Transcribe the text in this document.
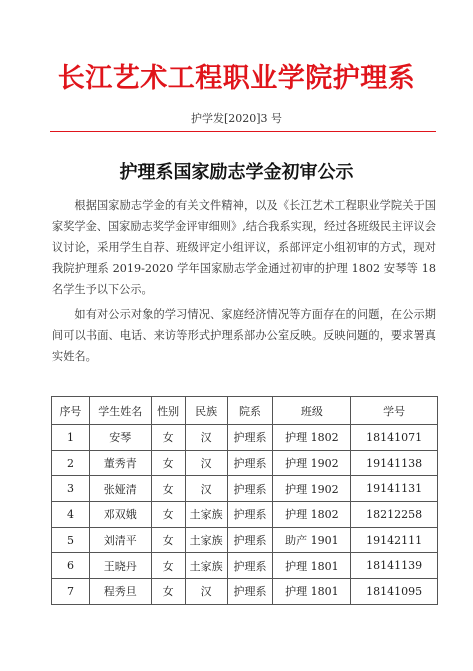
长江艺术工程职业学院护理系
护学发[2020]3 号
护理系国家励志学金初审公示

根据国家励志学金的有关文件精神，以及《长江艺术工程职业学院关于国家奖学金、国家励志奖学金评审细则》,结合我系实现，经过各班级民主评议会议讨论，采用学生自荐、班级评定小组评议，系部评定小组初审的方式，现对我院护理系 2019-2020 学年国家励志学金通过初审的护理 1802 安琴等 18 名学生予以下公示。

如有对公示对象的学习情况、家庭经济情况等方面存在的问题，在公示期间可以书面、电话、来访等形式护理系部办公室反映。反映问题的，要求署真实姓名。

序号	学生姓名	性别	民族	院系	班级	学号
1	安琴	女	汉	护理系	护理 1802	18141071
2	董秀青	女	汉	护理系	护理 1902	19141138
3	张娅清	女	汉	护理系	护理 1902	19141131
4	邓双娥	女	土家族	护理系	护理 1802	18212258
5	刘清平	女	土家族	护理系	助产 1901	19142111
6	王晓丹	女	土家族	护理系	护理 1801	18141139
7	程秀旦	女	汉	护理系	护理 1801	18141095
